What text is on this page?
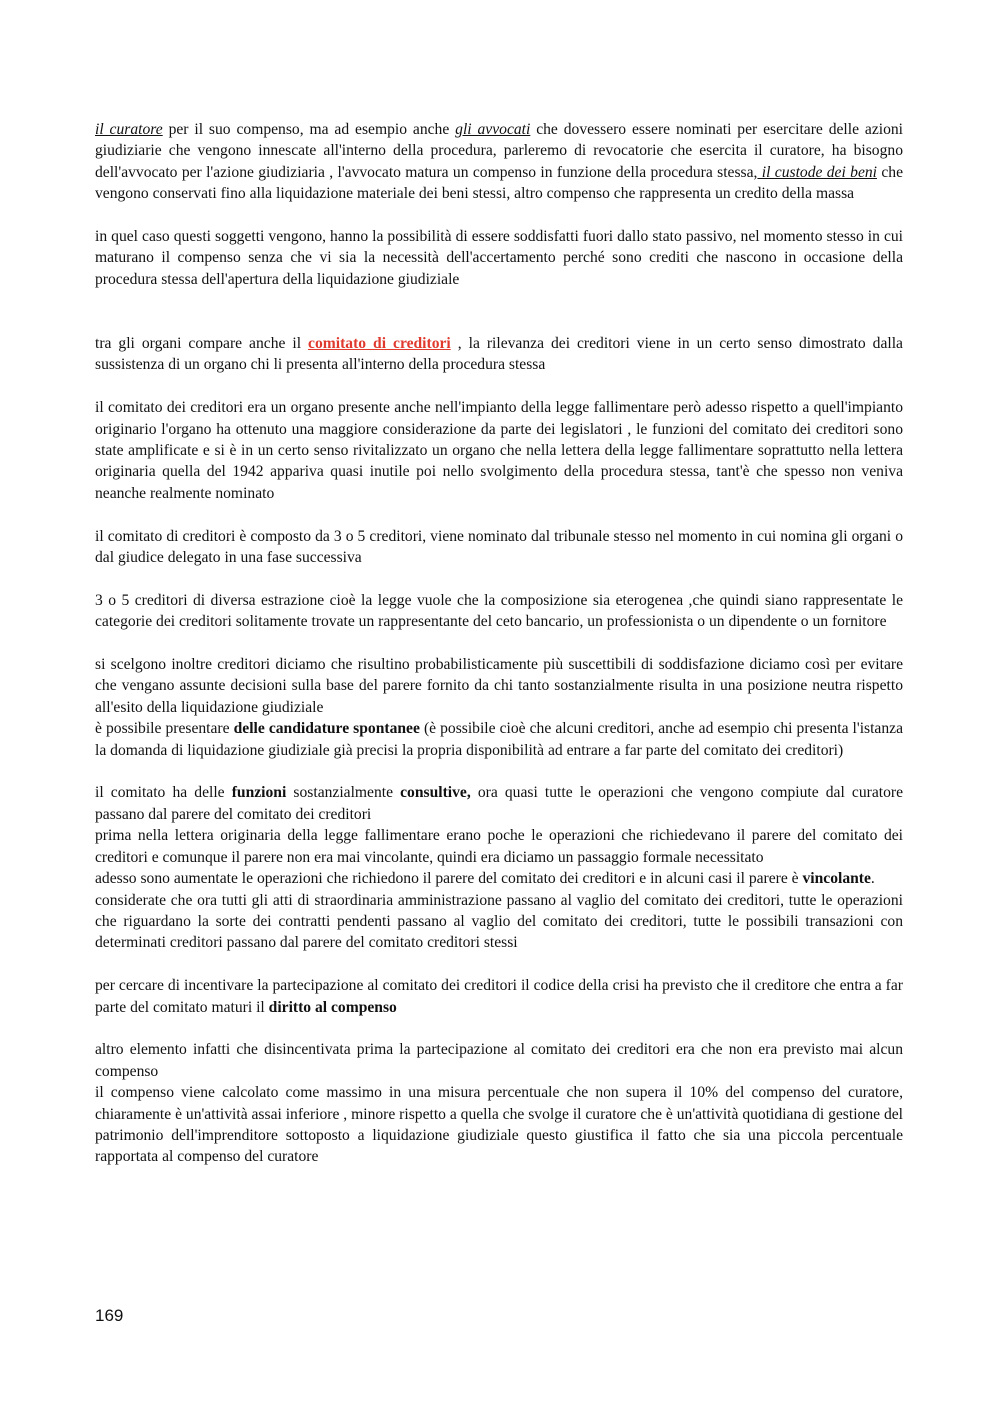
il curatore per il suo compenso, ma ad esempio anche gli avvocati che dovessero essere nominati per esercitare delle azioni giudiziarie che vengono innescate all'interno della procedura, parleremo di revocatorie che esercita il curatore, ha bisogno dell'avvocato per l'azione giudiziaria , l'avvocato matura un compenso in funzione della procedura stessa, il custode dei beni che vengono conservati fino alla liquidazione materiale dei beni stessi, altro compenso che rappresenta un credito della massa

in quel caso questi soggetti vengono, hanno la possibilità di essere soddisfatti fuori dallo stato passivo, nel momento stesso in cui maturano il compenso senza che vi sia la necessità dell'accertamento perché sono crediti che nascono in occasione della procedura stessa dell'apertura della liquidazione giudiziale

tra gli organi compare anche il comitato di creditori , la rilevanza dei creditori viene in un certo senso dimostrato dalla sussistenza di un organo chi li presenta all'interno della procedura stessa

il comitato dei creditori era un organo presente anche nell'impianto della legge fallimentare però adesso rispetto a quell'impianto originario l'organo ha ottenuto una maggiore considerazione da parte dei legislatori , le funzioni del comitato dei creditori sono state amplificate e si è in un certo senso rivitalizzato un organo che nella lettera della legge fallimentare soprattutto nella lettera originaria quella del 1942 appariva quasi inutile poi nello svolgimento della procedura stessa, tant'è che spesso non veniva neanche realmente nominato

il comitato di creditori è composto da 3 o 5 creditori, viene nominato dal tribunale stesso nel momento in cui nomina gli organi o dal giudice delegato in una fase successiva

3 o 5 creditori di diversa estrazione cioè la legge vuole che la composizione sia eterogenea ,che quindi siano rappresentate le categorie dei creditori solitamente trovate un rappresentante del ceto bancario, un professionista o un dipendente o un fornitore

si scelgono inoltre creditori diciamo che risultino probabilisticamente più suscettibili di soddisfazione diciamo così per evitare che vengano assunte decisioni sulla base del parere fornito da chi tanto sostanzialmente risulta in una posizione neutra rispetto all'esito della liquidazione giudiziale

è possibile presentare delle candidature spontanee (è possibile cioè che alcuni creditori, anche ad esempio chi presenta l'istanza la domanda di liquidazione giudiziale già precisi la propria disponibilità ad entrare a far parte del comitato dei creditori)

il comitato ha delle funzioni sostanzialmente consultive, ora quasi tutte le operazioni che vengono compiute dal curatore passano dal parere del comitato dei creditori

prima nella lettera originaria della legge fallimentare erano poche le operazioni che richiedevano il parere del comitato dei creditori e comunque il parere non era mai vincolante, quindi era diciamo un passaggio formale necessitato

adesso sono aumentate le operazioni che richiedono il parere del comitato dei creditori e in alcuni casi il parere è vincolante.

considerate che ora tutti gli atti di straordinaria amministrazione passano al vaglio del comitato dei creditori, tutte le operazioni che riguardano la sorte dei contratti pendenti passano al vaglio del comitato dei creditori, tutte le possibili transazioni con determinati creditori passano dal parere del comitato creditori stessi

per cercare di incentivare la partecipazione al comitato dei creditori il codice della crisi ha previsto che il creditore che entra a far parte del comitato maturi il diritto al compenso

altro elemento infatti che disincentivata prima la partecipazione al comitato dei creditori era che non era previsto mai alcun compenso

il compenso viene calcolato come massimo in una misura percentuale che non supera il 10% del compenso del curatore, chiaramente è un'attività assai inferiore , minore rispetto a quella che svolge il curatore che è un'attività quotidiana di gestione del patrimonio dell'imprenditore sottoposto a liquidazione giudiziale questo giustifica il fatto che sia una piccola percentuale rapportata al compenso del curatore

169
